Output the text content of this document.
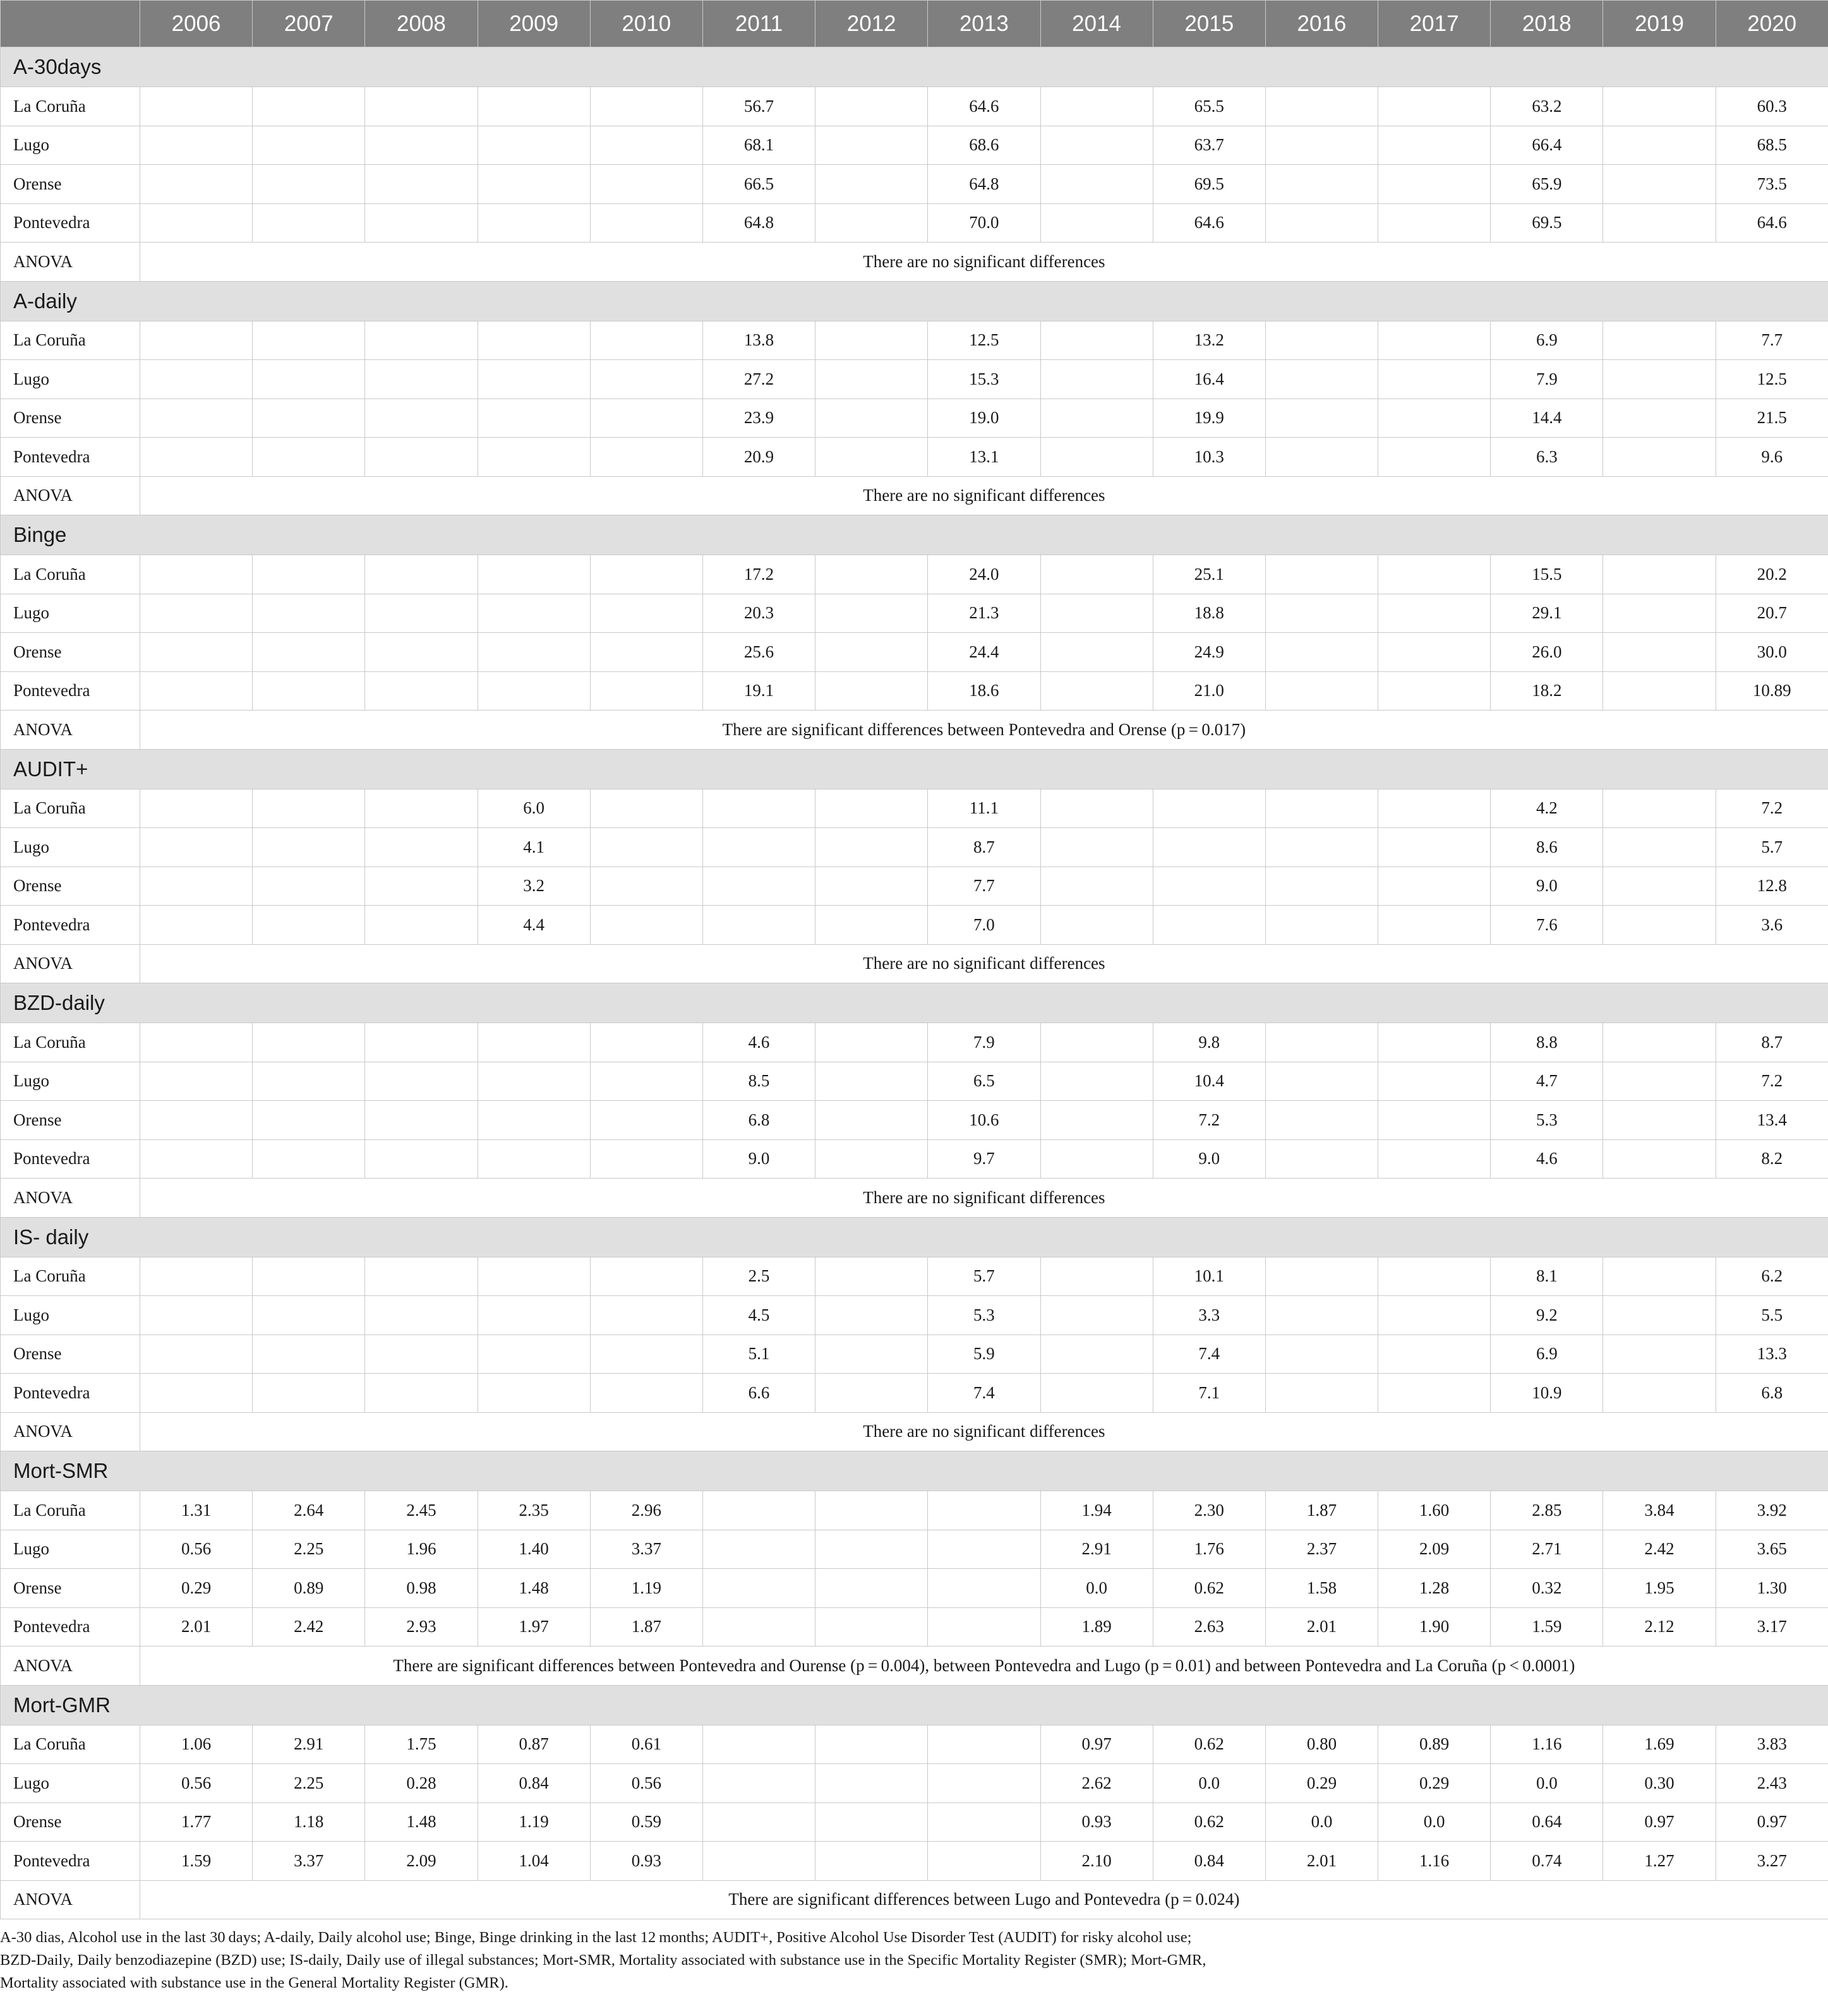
	2006	2007	2008	2009	2010	2011	2012	2013	2014	2015	2016	2017	2018	2019	2020
A-30days															
La Coruña						56.7		64.6		65.5			63.2		60.3
Lugo						68.1		68.6		63.7			66.4		68.5
Orense						66.5		64.8		69.5			65.9		73.5
Pontevedra						64.8		70.0		64.6			69.5		64.6
ANOVA	There are no significant differences														
A-daily															
La Coruña						13.8		12.5		13.2			6.9		7.7
Lugo						27.2		15.3		16.4			7.9		12.5
Orense						23.9		19.0		19.9			14.4		21.5
Pontevedra						20.9		13.1		10.3			6.3		9.6
ANOVA	There are no significant differences														
Binge															
La Coruña						17.2		24.0		25.1			15.5		20.2
Lugo						20.3		21.3		18.8			29.1		20.7
Orense						25.6		24.4		24.9			26.0		30.0
Pontevedra						19.1		18.6		21.0			18.2		10.89
ANOVA	There are significant differences between Pontevedra and Orense (p = 0.017)														
AUDIT+															
La Coruña				6.0				11.1					4.2		7.2
Lugo				4.1				8.7					8.6		5.7
Orense				3.2				7.7					9.0		12.8
Pontevedra				4.4				7.0					7.6		3.6
ANOVA	There are no significant differences														
BZD-daily															
La Coruña						4.6		7.9		9.8			8.8		8.7
Lugo						8.5		6.5		10.4			4.7		7.2
Orense						6.8		10.6		7.2			5.3		13.4
Pontevedra						9.0		9.7		9.0			4.6		8.2
ANOVA	There are no significant differences														
IS- daily															
La Coruña						2.5		5.7		10.1			8.1		6.2
Lugo						4.5		5.3		3.3			9.2		5.5
Orense						5.1		5.9		7.4			6.9		13.3
Pontevedra						6.6		7.4		7.1			10.9		6.8
ANOVA	There are no significant differences														
Mort-SMR															
La Coruña	1.31	2.64	2.45	2.35	2.96				1.94	2.30	1.87	1.60	2.85	3.84	3.92
Lugo	0.56	2.25	1.96	1.40	3.37				2.91	1.76	2.37	2.09	2.71	2.42	3.65
Orense	0.29	0.89	0.98	1.48	1.19				0.0	0.62	1.58	1.28	0.32	1.95	1.30
Pontevedra	2.01	2.42	2.93	1.97	1.87				1.89	2.63	2.01	1.90	1.59	2.12	3.17
ANOVA	There are significant differences between Pontevedra and Ourense (p = 0.004), between Pontevedra and Lugo (p = 0.01) and between Pontevedra and La Coruña (p < 0.0001)														
Mort-GMR															
La Coruña	1.06	2.91	1.75	0.87	0.61				0.97	0.62	0.80	0.89	1.16	1.69	3.83
Lugo	0.56	2.25	0.28	0.84	0.56				2.62	0.0	0.29	0.29	0.0	0.30	2.43
Orense	1.77	1.18	1.48	1.19	0.59				0.93	0.62	0.0	0.0	0.64	0.97	0.97
Pontevedra	1.59	3.37	2.09	1.04	0.93				2.10	0.84	2.01	1.16	0.74	1.27	3.27
ANOVA	There are significant differences between Lugo and Pontevedra (p = 0.024)														
A-30 dias, Alcohol use in the last 30 days; A-daily, Daily alcohol use; Binge, Binge drinking in the last 12 months; AUDIT+, Positive Alcohol Use Disorder Test (AUDIT) for risky alcohol use;
BZD-Daily, Daily benzodiazepine (BZD) use; IS-daily, Daily use of illegal substances; Mort-SMR, Mortality associated with substance use in the Specific Mortality Register (SMR); Mort-GMR,
Mortality associated with substance use in the General Mortality Register (GMR).
